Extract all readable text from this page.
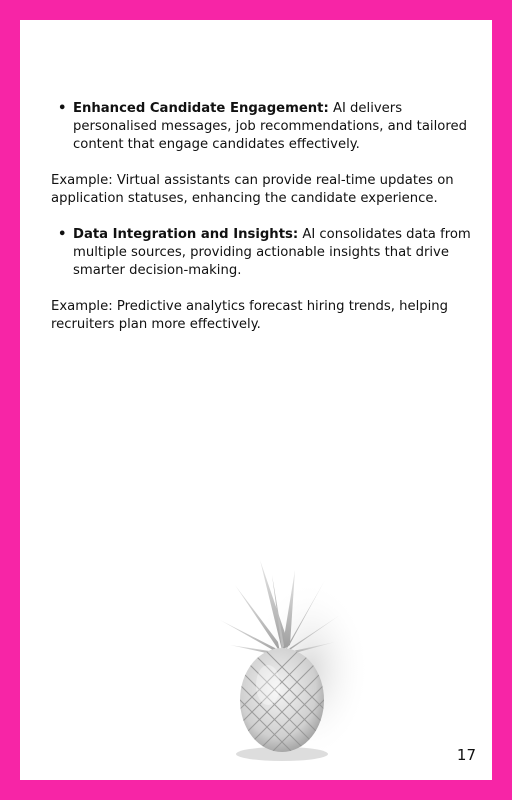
• Enhanced Candidate Engagement: AI delivers personalised messages, job recommendations, and tailored content that engage candidates effectively.

Example: Virtual assistants can provide real-time updates on application statuses, enhancing the candidate experience.

• Data Integration and Insights: AI consolidates data from multiple sources, providing actionable insights that drive smarter decision-making.

Example: Predictive analytics forecast hiring trends, helping recruiters plan more effectively.

17
